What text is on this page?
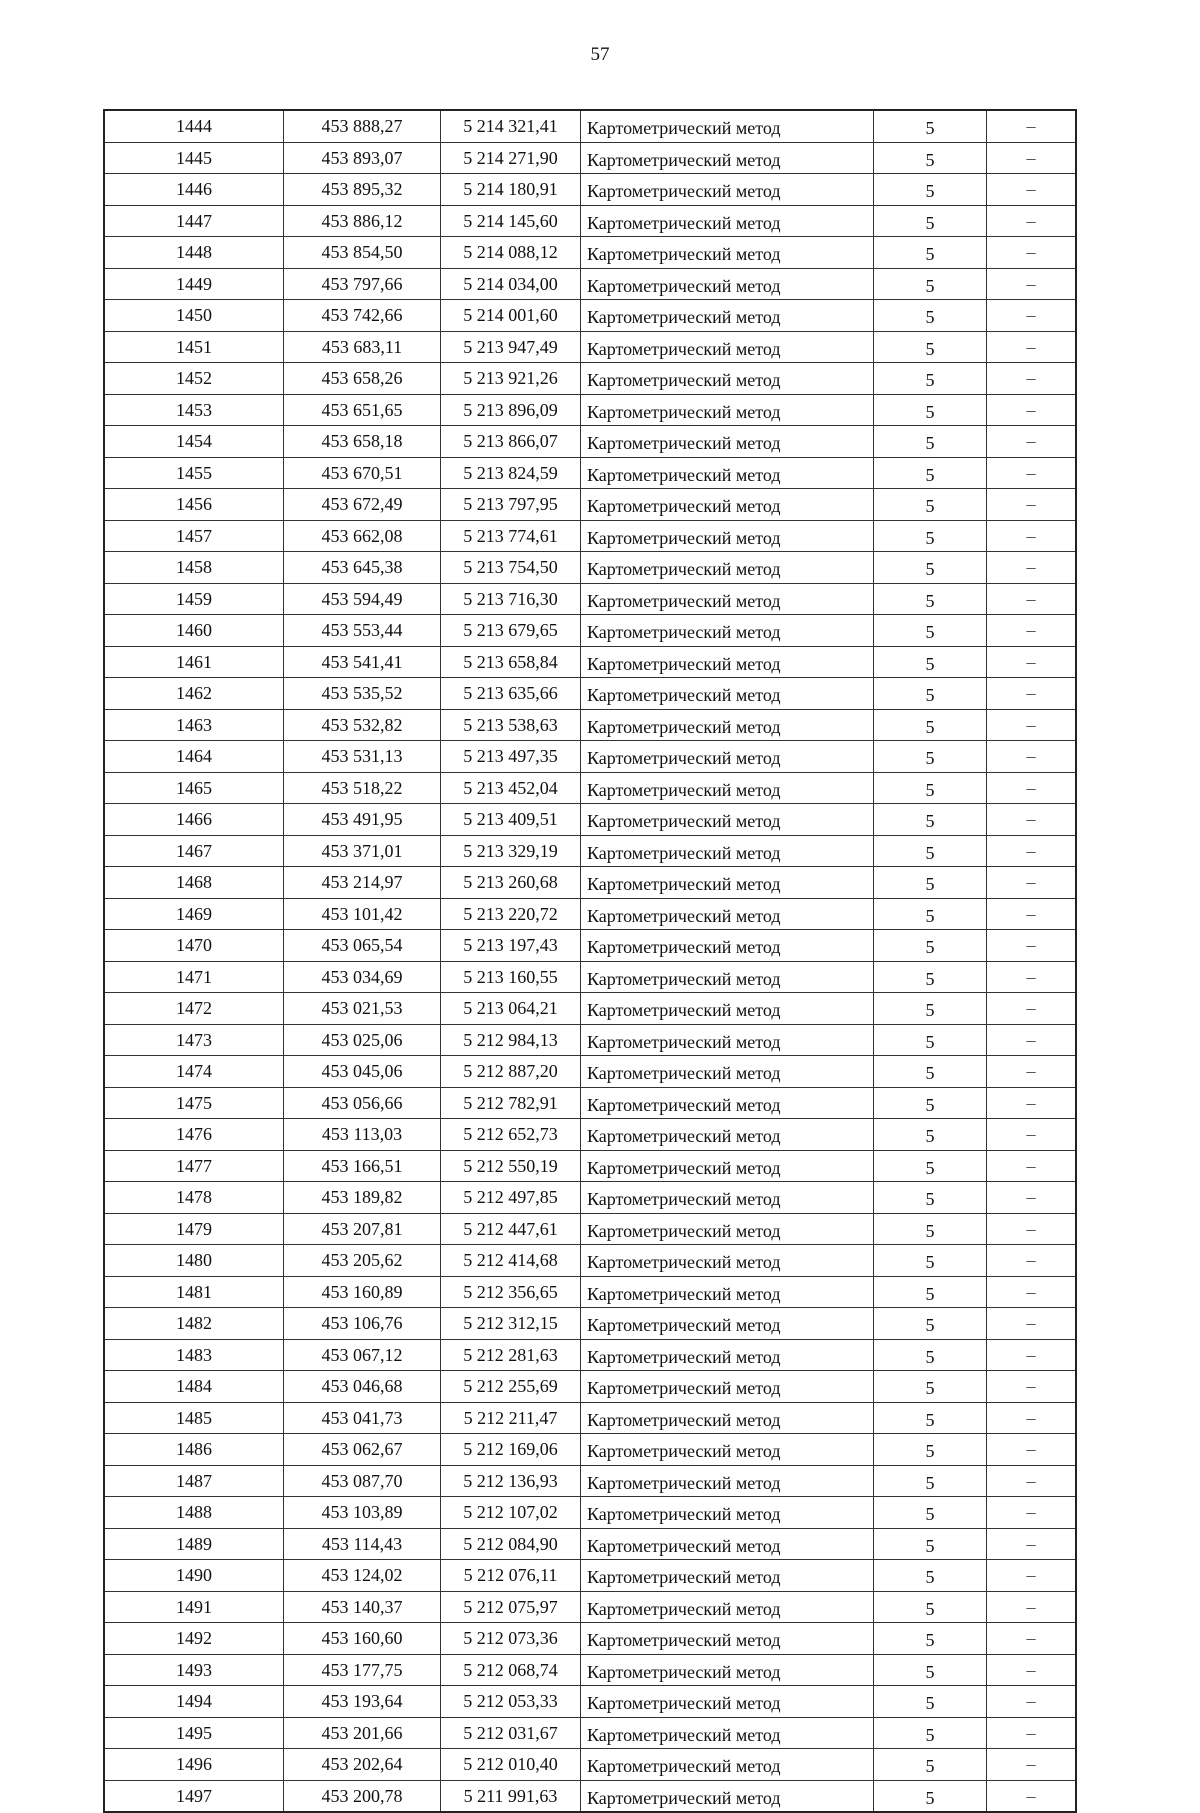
57
1444	453 888,27	5 214 321,41	Картометрический метод	5	–
1445	453 893,07	5 214 271,90	Картометрический метод	5	–
1446	453 895,32	5 214 180,91	Картометрический метод	5	–
1447	453 886,12	5 214 145,60	Картометрический метод	5	–
1448	453 854,50	5 214 088,12	Картометрический метод	5	–
1449	453 797,66	5 214 034,00	Картометрический метод	5	–
1450	453 742,66	5 214 001,60	Картометрический метод	5	–
1451	453 683,11	5 213 947,49	Картометрический метод	5	–
1452	453 658,26	5 213 921,26	Картометрический метод	5	–
1453	453 651,65	5 213 896,09	Картометрический метод	5	–
1454	453 658,18	5 213 866,07	Картометрический метод	5	–
1455	453 670,51	5 213 824,59	Картометрический метод	5	–
1456	453 672,49	5 213 797,95	Картометрический метод	5	–
1457	453 662,08	5 213 774,61	Картометрический метод	5	–
1458	453 645,38	5 213 754,50	Картометрический метод	5	–
1459	453 594,49	5 213 716,30	Картометрический метод	5	–
1460	453 553,44	5 213 679,65	Картометрический метод	5	–
1461	453 541,41	5 213 658,84	Картометрический метод	5	–
1462	453 535,52	5 213 635,66	Картометрический метод	5	–
1463	453 532,82	5 213 538,63	Картометрический метод	5	–
1464	453 531,13	5 213 497,35	Картометрический метод	5	–
1465	453 518,22	5 213 452,04	Картометрический метод	5	–
1466	453 491,95	5 213 409,51	Картометрический метод	5	–
1467	453 371,01	5 213 329,19	Картометрический метод	5	–
1468	453 214,97	5 213 260,68	Картометрический метод	5	–
1469	453 101,42	5 213 220,72	Картометрический метод	5	–
1470	453 065,54	5 213 197,43	Картометрический метод	5	–
1471	453 034,69	5 213 160,55	Картометрический метод	5	–
1472	453 021,53	5 213 064,21	Картометрический метод	5	–
1473	453 025,06	5 212 984,13	Картометрический метод	5	–
1474	453 045,06	5 212 887,20	Картометрический метод	5	–
1475	453 056,66	5 212 782,91	Картометрический метод	5	–
1476	453 113,03	5 212 652,73	Картометрический метод	5	–
1477	453 166,51	5 212 550,19	Картометрический метод	5	–
1478	453 189,82	5 212 497,85	Картометрический метод	5	–
1479	453 207,81	5 212 447,61	Картометрический метод	5	–
1480	453 205,62	5 212 414,68	Картометрический метод	5	–
1481	453 160,89	5 212 356,65	Картометрический метод	5	–
1482	453 106,76	5 212 312,15	Картометрический метод	5	–
1483	453 067,12	5 212 281,63	Картометрический метод	5	–
1484	453 046,68	5 212 255,69	Картометрический метод	5	–
1485	453 041,73	5 212 211,47	Картометрический метод	5	–
1486	453 062,67	5 212 169,06	Картометрический метод	5	–
1487	453 087,70	5 212 136,93	Картометрический метод	5	–
1488	453 103,89	5 212 107,02	Картометрический метод	5	–
1489	453 114,43	5 212 084,90	Картометрический метод	5	–
1490	453 124,02	5 212 076,11	Картометрический метод	5	–
1491	453 140,37	5 212 075,97	Картометрический метод	5	–
1492	453 160,60	5 212 073,36	Картометрический метод	5	–
1493	453 177,75	5 212 068,74	Картометрический метод	5	–
1494	453 193,64	5 212 053,33	Картометрический метод	5	–
1495	453 201,66	5 212 031,67	Картометрический метод	5	–
1496	453 202,64	5 212 010,40	Картометрический метод	5	–
1497	453 200,78	5 211 991,63	Картометрический метод	5	–
